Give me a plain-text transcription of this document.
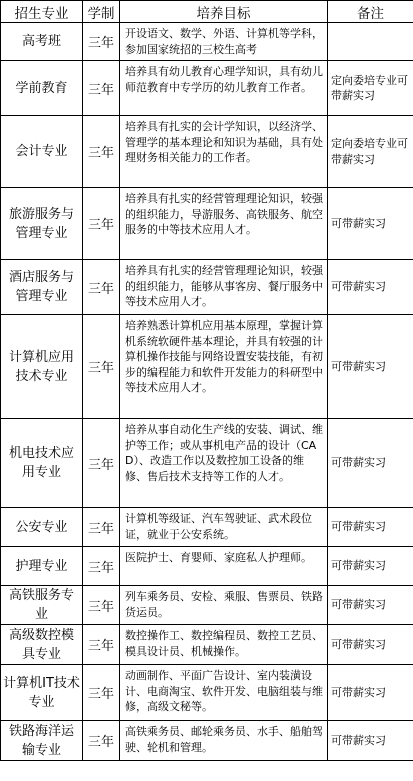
招生专业	学制	培养目标	备注
高考班	三年	开设语文、数学、外语、计算机等学科，参加国家统招的三校生高考	
学前教育	三年	培养具有幼儿教育心理学知识，具有幼儿师范教育中专学历的幼儿教育工作者。	定向委培专业可带薪实习
会计专业	三年	培养具有扎实的会计学知识，以经济学、管理学的基本理论和知识为基础，具有处理财务相关能力的工作者。	定向委培专业可带薪实习
旅游服务与管理专业	三年	培养具有扎实的经营管理理论知识，较强的组织能力，导游服务、高铁服务、航空服务的中等技术应用人才。	可带薪实习
酒店服务与管理专业	三年	培养具有扎实的经营管理理论知识，较强的组织能力，能够从事客房、餐厅服务中等技术应用人才。	可带薪实习
计算机应用技术专业	三年	培养熟悉计算机应用基本原理，掌握计算机系统软硬件基本理论，并具有较强的计算机操作技能与网络设置安装技能，有初步的编程能力和软件开发能力的科研型中等技术应用人才。	可带薪实习
机电技术应用专业	三年	培养从事自动化生产线的安装、调试、维护等工作；或从事机电产品的设计（CAD）、改造工作以及数控加工设备的维修、售后技术支持等工作的人才。	可带薪实习
公安专业	三年	计算机等级证、汽车驾驶证、武术段位证，就业于公安系统。	可带薪实习
护理专业	三年	医院护士、育婴师、家庭私人护理师。	可带薪实习
高铁服务专业	三年	列车乘务员、安检、乘服、售票员、铁路货运员。	可带薪实习
高级数控模具专业	三年	数控操作工、数控编程员、数控工艺员、模具设计员、机械操作。	可带薪实习
计算机IT技术专业	三年	动画制作、平面广告设计、室内装潢设计、电商淘宝、软件开发、电脑组装与维修，高级文秘等。	可带薪实习
铁路海洋运输专业	三年	高铁乘务员、邮轮乘务员、水手、船舶驾驶、轮机和管理。	可带薪实习
